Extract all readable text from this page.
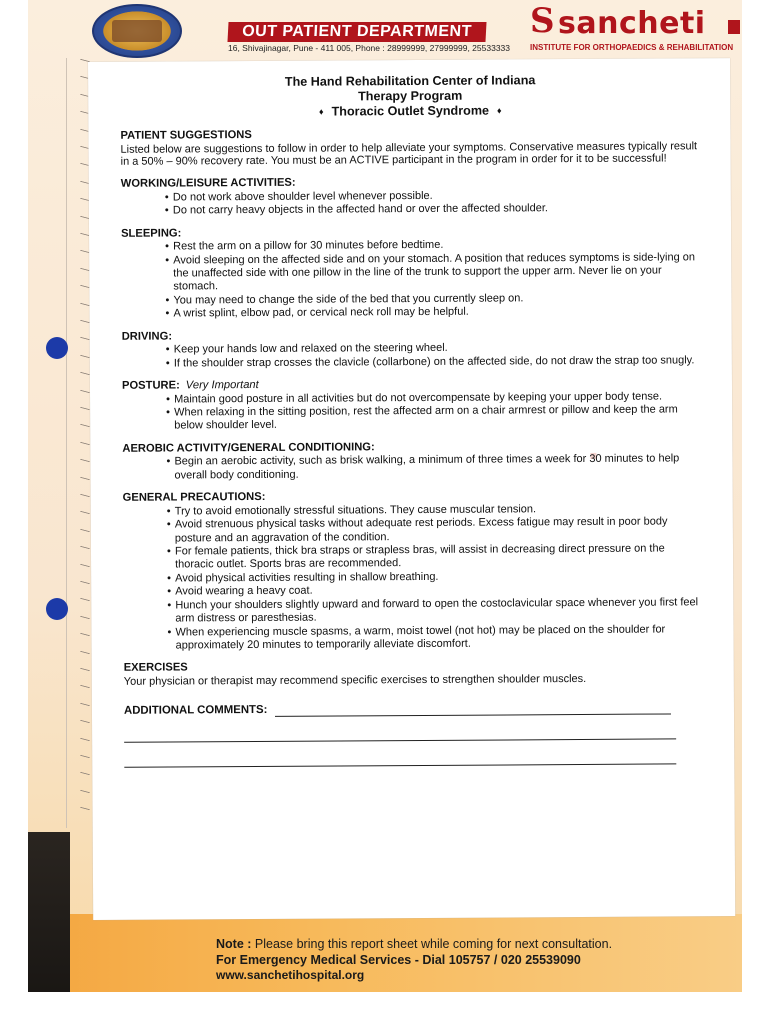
OUT PATIENT DEPARTMENT
16, Shivajinagar, Pune - 411 005, Phone : 28999999, 27999999, 25533333
S sancheti
INSTITUTE FOR ORTHOPAEDICS & REHABILITATION
Note : Please bring this report sheet while coming for next consultation.
For Emergency Medical Services - Dial 105757 / 020 25539090
www.sanchetihospital.org
The Hand Rehabilitation Center of Indiana
Therapy Program
♦ Thoracic Outlet Syndrome ♦
PATIENT SUGGESTIONS
Listed below are suggestions to follow in order to help alleviate your symptoms. Conservative measures typically result in a 50% – 90% recovery rate. You must be an ACTIVE participant in the program in order for it to be successful!
WORKING/LEISURE ACTIVITIES:
• Do not work above shoulder level whenever possible.
• Do not carry heavy objects in the affected hand or over the affected shoulder.
SLEEPING:
• Rest the arm on a pillow for 30 minutes before bedtime.
• Avoid sleeping on the affected side and on your stomach. A position that reduces symptoms is side-lying on the unaffected side with one pillow in the line of the trunk to support the upper arm. Never lie on your stomach.
• You may need to change the side of the bed that you currently sleep on.
• A wrist splint, elbow pad, or cervical neck roll may be helpful.
DRIVING:
• Keep your hands low and relaxed on the steering wheel.
• If the shoulder strap crosses the clavicle (collarbone) on the affected side, do not draw the strap too snugly.
POSTURE: Very Important
• Maintain good posture in all activities but do not overcompensate by keeping your upper body tense.
• When relaxing in the sitting position, rest the affected arm on a chair armrest or pillow and keep the arm below shoulder level.
AEROBIC ACTIVITY/GENERAL CONDITIONING:
• Begin an aerobic activity, such as brisk walking, a minimum of three times a week for 30 minutes to help overall body conditioning.
GENERAL PRECAUTIONS:
• Try to avoid emotionally stressful situations. They cause muscular tension.
• Avoid strenuous physical tasks without adequate rest periods. Excess fatigue may result in poor body posture and an aggravation of the condition.
• For female patients, thick bra straps or strapless bras, will assist in decreasing direct pressure on the thoracic outlet. Sports bras are recommended.
• Avoid physical activities resulting in shallow breathing.
• Avoid wearing a heavy coat.
• Hunch your shoulders slightly upward and forward to open the costoclavicular space whenever you first feel arm distress or paresthesias.
• When experiencing muscle spasms, a warm, moist towel (not hot) may be placed on the shoulder for approximately 20 minutes to temporarily alleviate discomfort.
EXERCISES
Your physician or therapist may recommend specific exercises to strengthen shoulder muscles.
ADDITIONAL COMMENTS:
